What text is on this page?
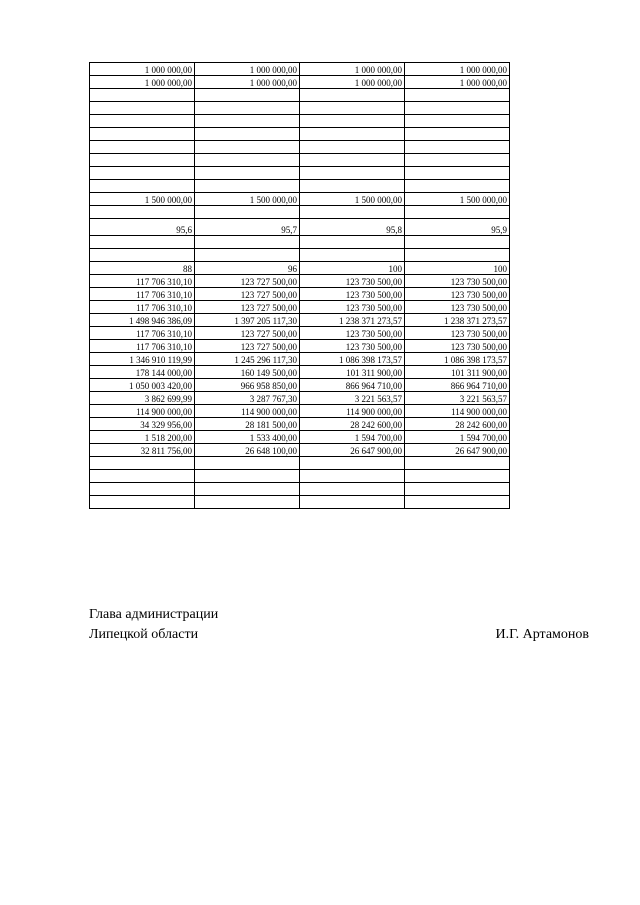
1 000 000,00	1 000 000,00	1 000 000,00	1 000 000,00
1 000 000,00	1 000 000,00	1 000 000,00	1 000 000,00

1 500 000,00	1 500 000,00	1 500 000,00	1 500 000,00

95,6	95,7	95,8	95,9

88	96	100	100
117 706 310,10	123 727 500,00	123 730 500,00	123 730 500,00
117 706 310,10	123 727 500,00	123 730 500,00	123 730 500,00
117 706 310,10	123 727 500,00	123 730 500,00	123 730 500,00
1 498 946 386,09	1 397 205 117,30	1 238 371 273,57	1 238 371 273,57
117 706 310,10	123 727 500,00	123 730 500,00	123 730 500,00
117 706 310,10	123 727 500,00	123 730 500,00	123 730 500,00
1 346 910 119,99	1 245 296 117,30	1 086 398 173,57	1 086 398 173,57
178 144 000,00	160 149 500,00	101 311 900,00	101 311 900,00
1 050 003 420,00	966 958 850,00	866 964 710,00	866 964 710,00
3 862 699,99	3 287 767,30	3 221 563,57	3 221 563,57
114 900 000,00	114 900 000,00	114 900 000,00	114 900 000,00
34 329 956,00	28 181 500,00	28 242 600,00	28 242 600,00
1 518 200,00	1 533 400,00	1 594 700,00	1 594 700,00
32 811 756,00	26 648 100,00	26 647 900,00	26 647 900,00

Глава администрации
Липецкой области	И.Г. Артамонов
